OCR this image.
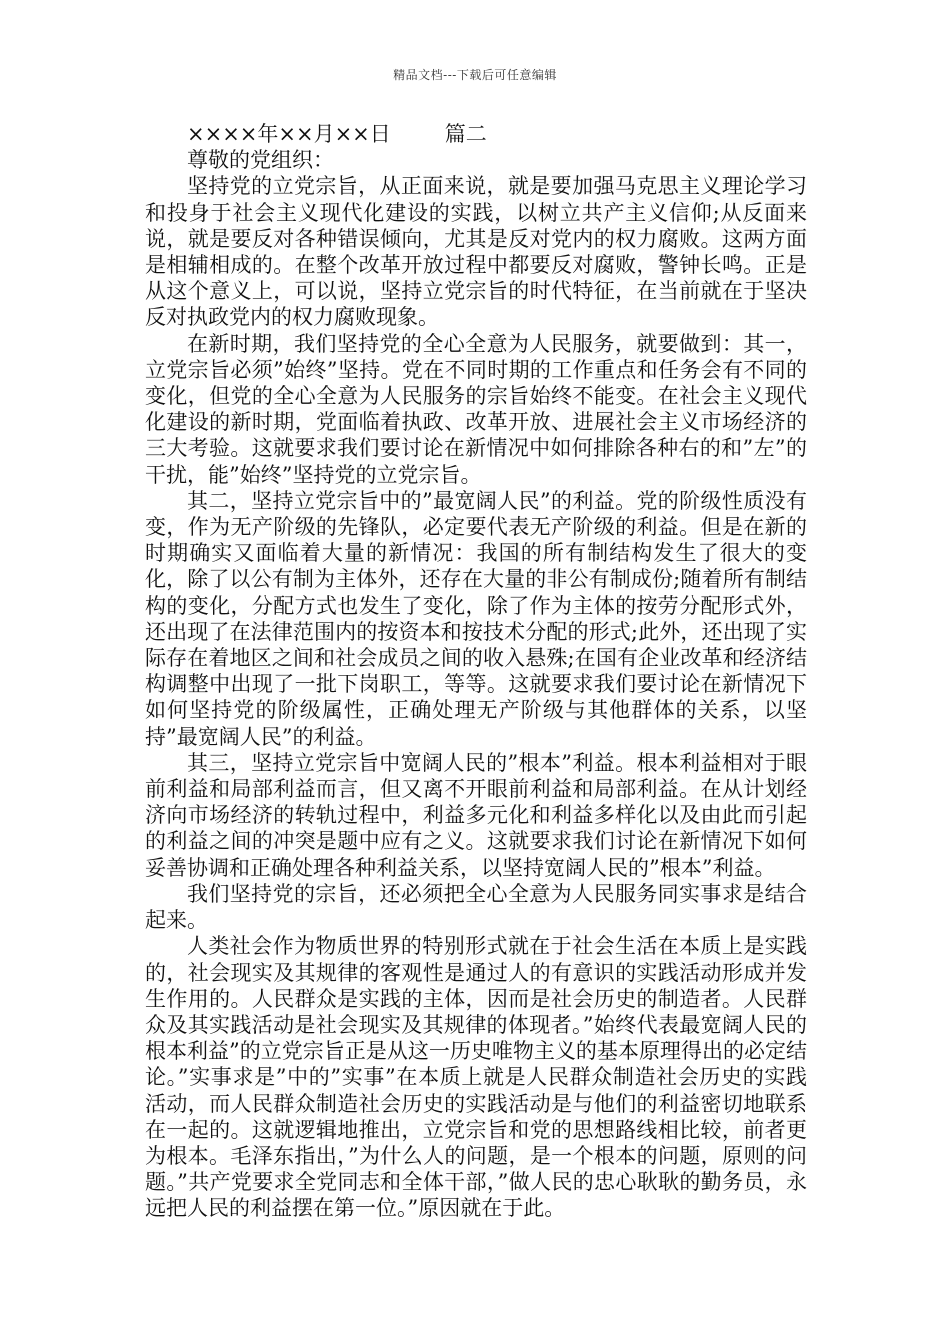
精品文档---下载后可任意编辑
××××年××月××日	篇二

尊敬的党组织：

坚持党的立党宗旨，从正面来说，就是要加强马克思主义理论学习和投身于社会主义现代化建设的实践，以树立共产主义信仰;从反面来说，就是要反对各种错误倾向，尤其是反对党内的权力腐败。这两方面是相辅相成的。在整个改革开放过程中都要反对腐败，警钟长鸣。正是从这个意义上，可以说，坚持立党宗旨的时代特征，在当前就在于坚决反对执政党内的权力腐败现象。

在新时期，我们坚持党的全心全意为人民服务，就要做到：其一，立党宗旨必须”始终”坚持。党在不同时期的工作重点和任务会有不同的变化，但党的全心全意为人民服务的宗旨始终不能变。在社会主义现代化建设的新时期，党面临着执政、改革开放、进展社会主义市场经济的三大考验。这就要求我们要讨论在新情况中如何排除各种右的和”左”的干扰，能”始终”坚持党的立党宗旨。

其二，坚持立党宗旨中的”最宽阔人民”的利益。党的阶级性质没有变，作为无产阶级的先锋队，必定要代表无产阶级的利益。但是在新的时期确实又面临着大量的新情况：我国的所有制结构发生了很大的变化，除了以公有制为主体外，还存在大量的非公有制成份;随着所有制结构的变化，分配方式也发生了变化，除了作为主体的按劳分配形式外，还出现了在法律范围内的按资本和按技术分配的形式;此外，还出现了实际存在着地区之间和社会成员之间的收入悬殊;在国有企业改革和经济结构调整中出现了一批下岗职工，等等。这就要求我们要讨论在新情况下如何坚持党的阶级属性，正确处理无产阶级与其他群体的关系，以坚持”最宽阔人民”的利益。

其三，坚持立党宗旨中宽阔人民的”根本”利益。根本利益相对于眼前利益和局部利益而言，但又离不开眼前利益和局部利益。在从计划经济向市场经济的转轨过程中，利益多元化和利益多样化以及由此而引起的利益之间的冲突是题中应有之义。这就要求我们讨论在新情况下如何妥善协调和正确处理各种利益关系，以坚持宽阔人民的”根本”利益。

我们坚持党的宗旨，还必须把全心全意为人民服务同实事求是结合起来。

人类社会作为物质世界的特别形式就在于社会生活在本质上是实践的，社会现实及其规律的客观性是通过人的有意识的实践活动形成并发生作用的。人民群众是实践的主体，因而是社会历史的制造者。人民群众及其实践活动是社会现实及其规律的体现者。”始终代表最宽阔人民的根本利益”的立党宗旨正是从这一历史唯物主义的基本原理得出的必定结论。”实事求是”中的”实事”在本质上就是人民群众制造社会历史的实践活动，而人民群众制造社会历史的实践活动是与他们的利益密切地联系在一起的。这就逻辑地推出，立党宗旨和党的思想路线相比较，前者更为根本。毛泽东指出，”为什么人的问题，是一个根本的问题，原则的问题。”共产党要求全党同志和全体干部，”做人民的忠心耿耿的勤务员，永远把人民的利益摆在第一位。”原因就在于此。
